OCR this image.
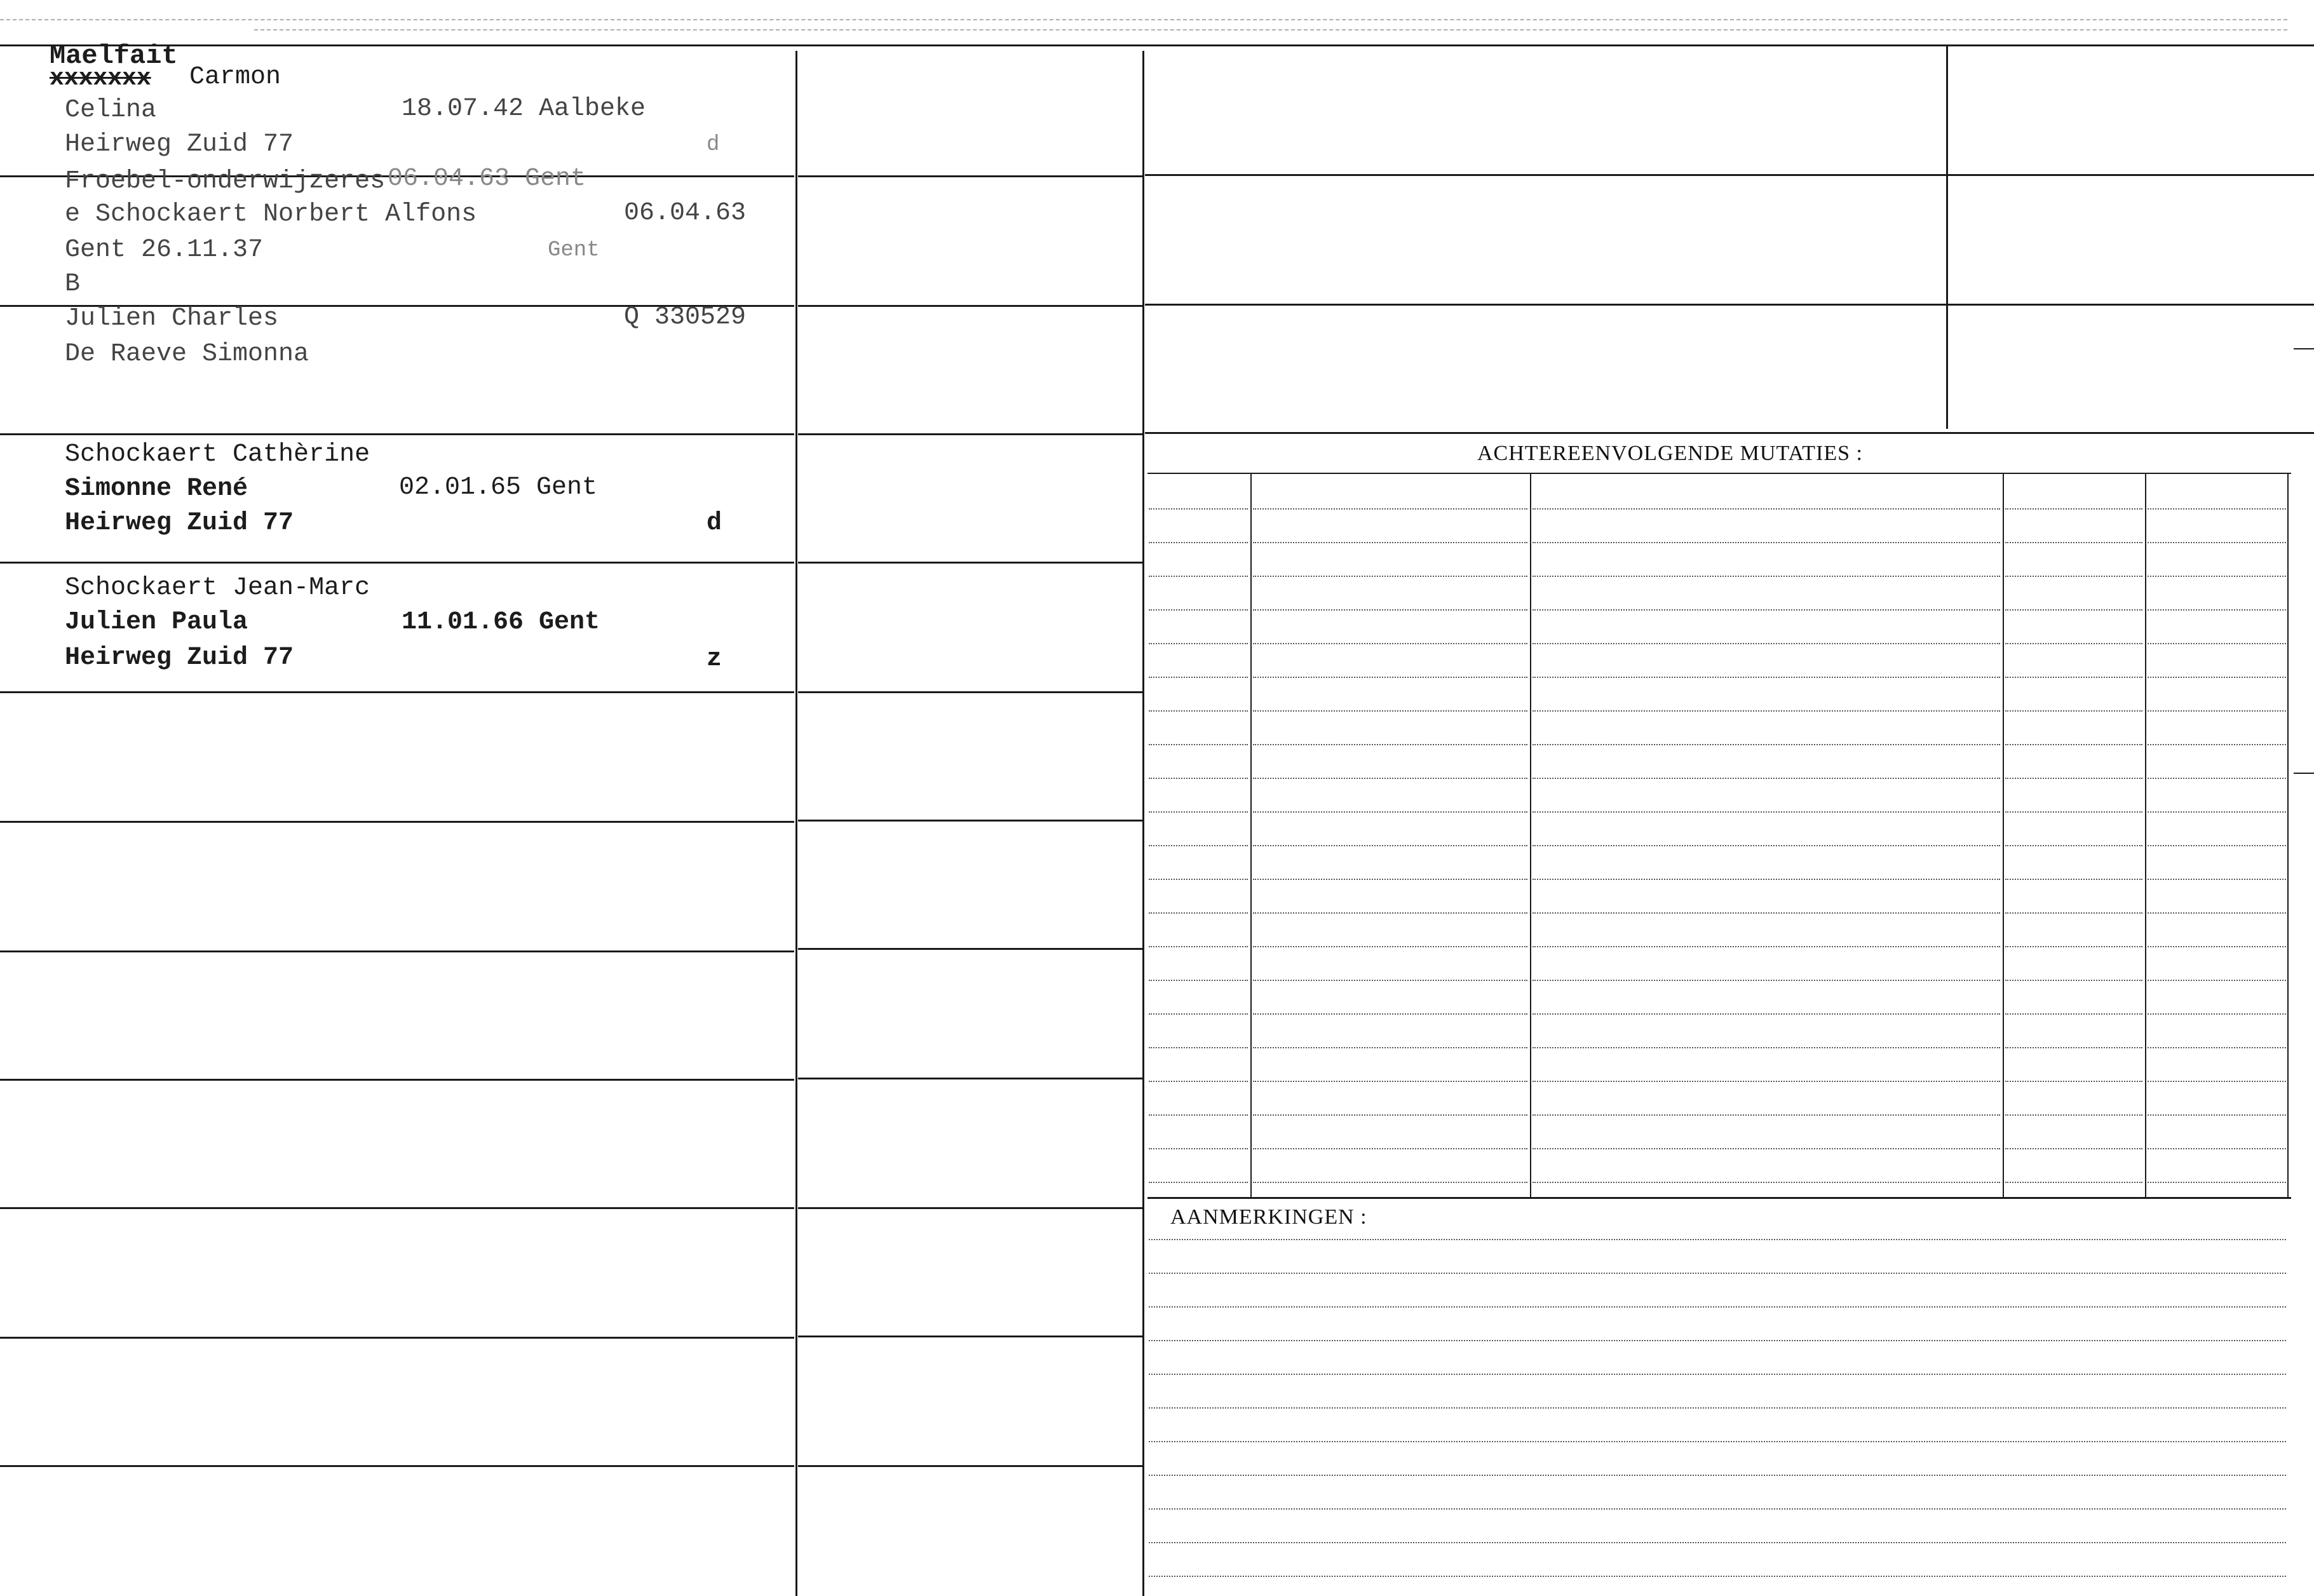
ACHTEREENVOLGENDE MUTATIES :
AANMERKINGEN :
Maelfait
xxxxxxx Carmon
Celina	18.07.42 Aalbeke
Heirweg Zuid 77	d
Froebel-onderwijzeres 06.04.63 Gent
e Schockaert Norbert Alfons	06.04.63
Gent 26.11.37	Gent
B
Julien Charles	Q 330529
De Raeve Simonna
Schockaert Cathèrine
Simonne René	02.01.65 Gent
Heirweg Zuid 77	d
Schockaert Jean-Marc
Julien Paula	11.01.66 Gent
Heirweg Zuid 77	z
